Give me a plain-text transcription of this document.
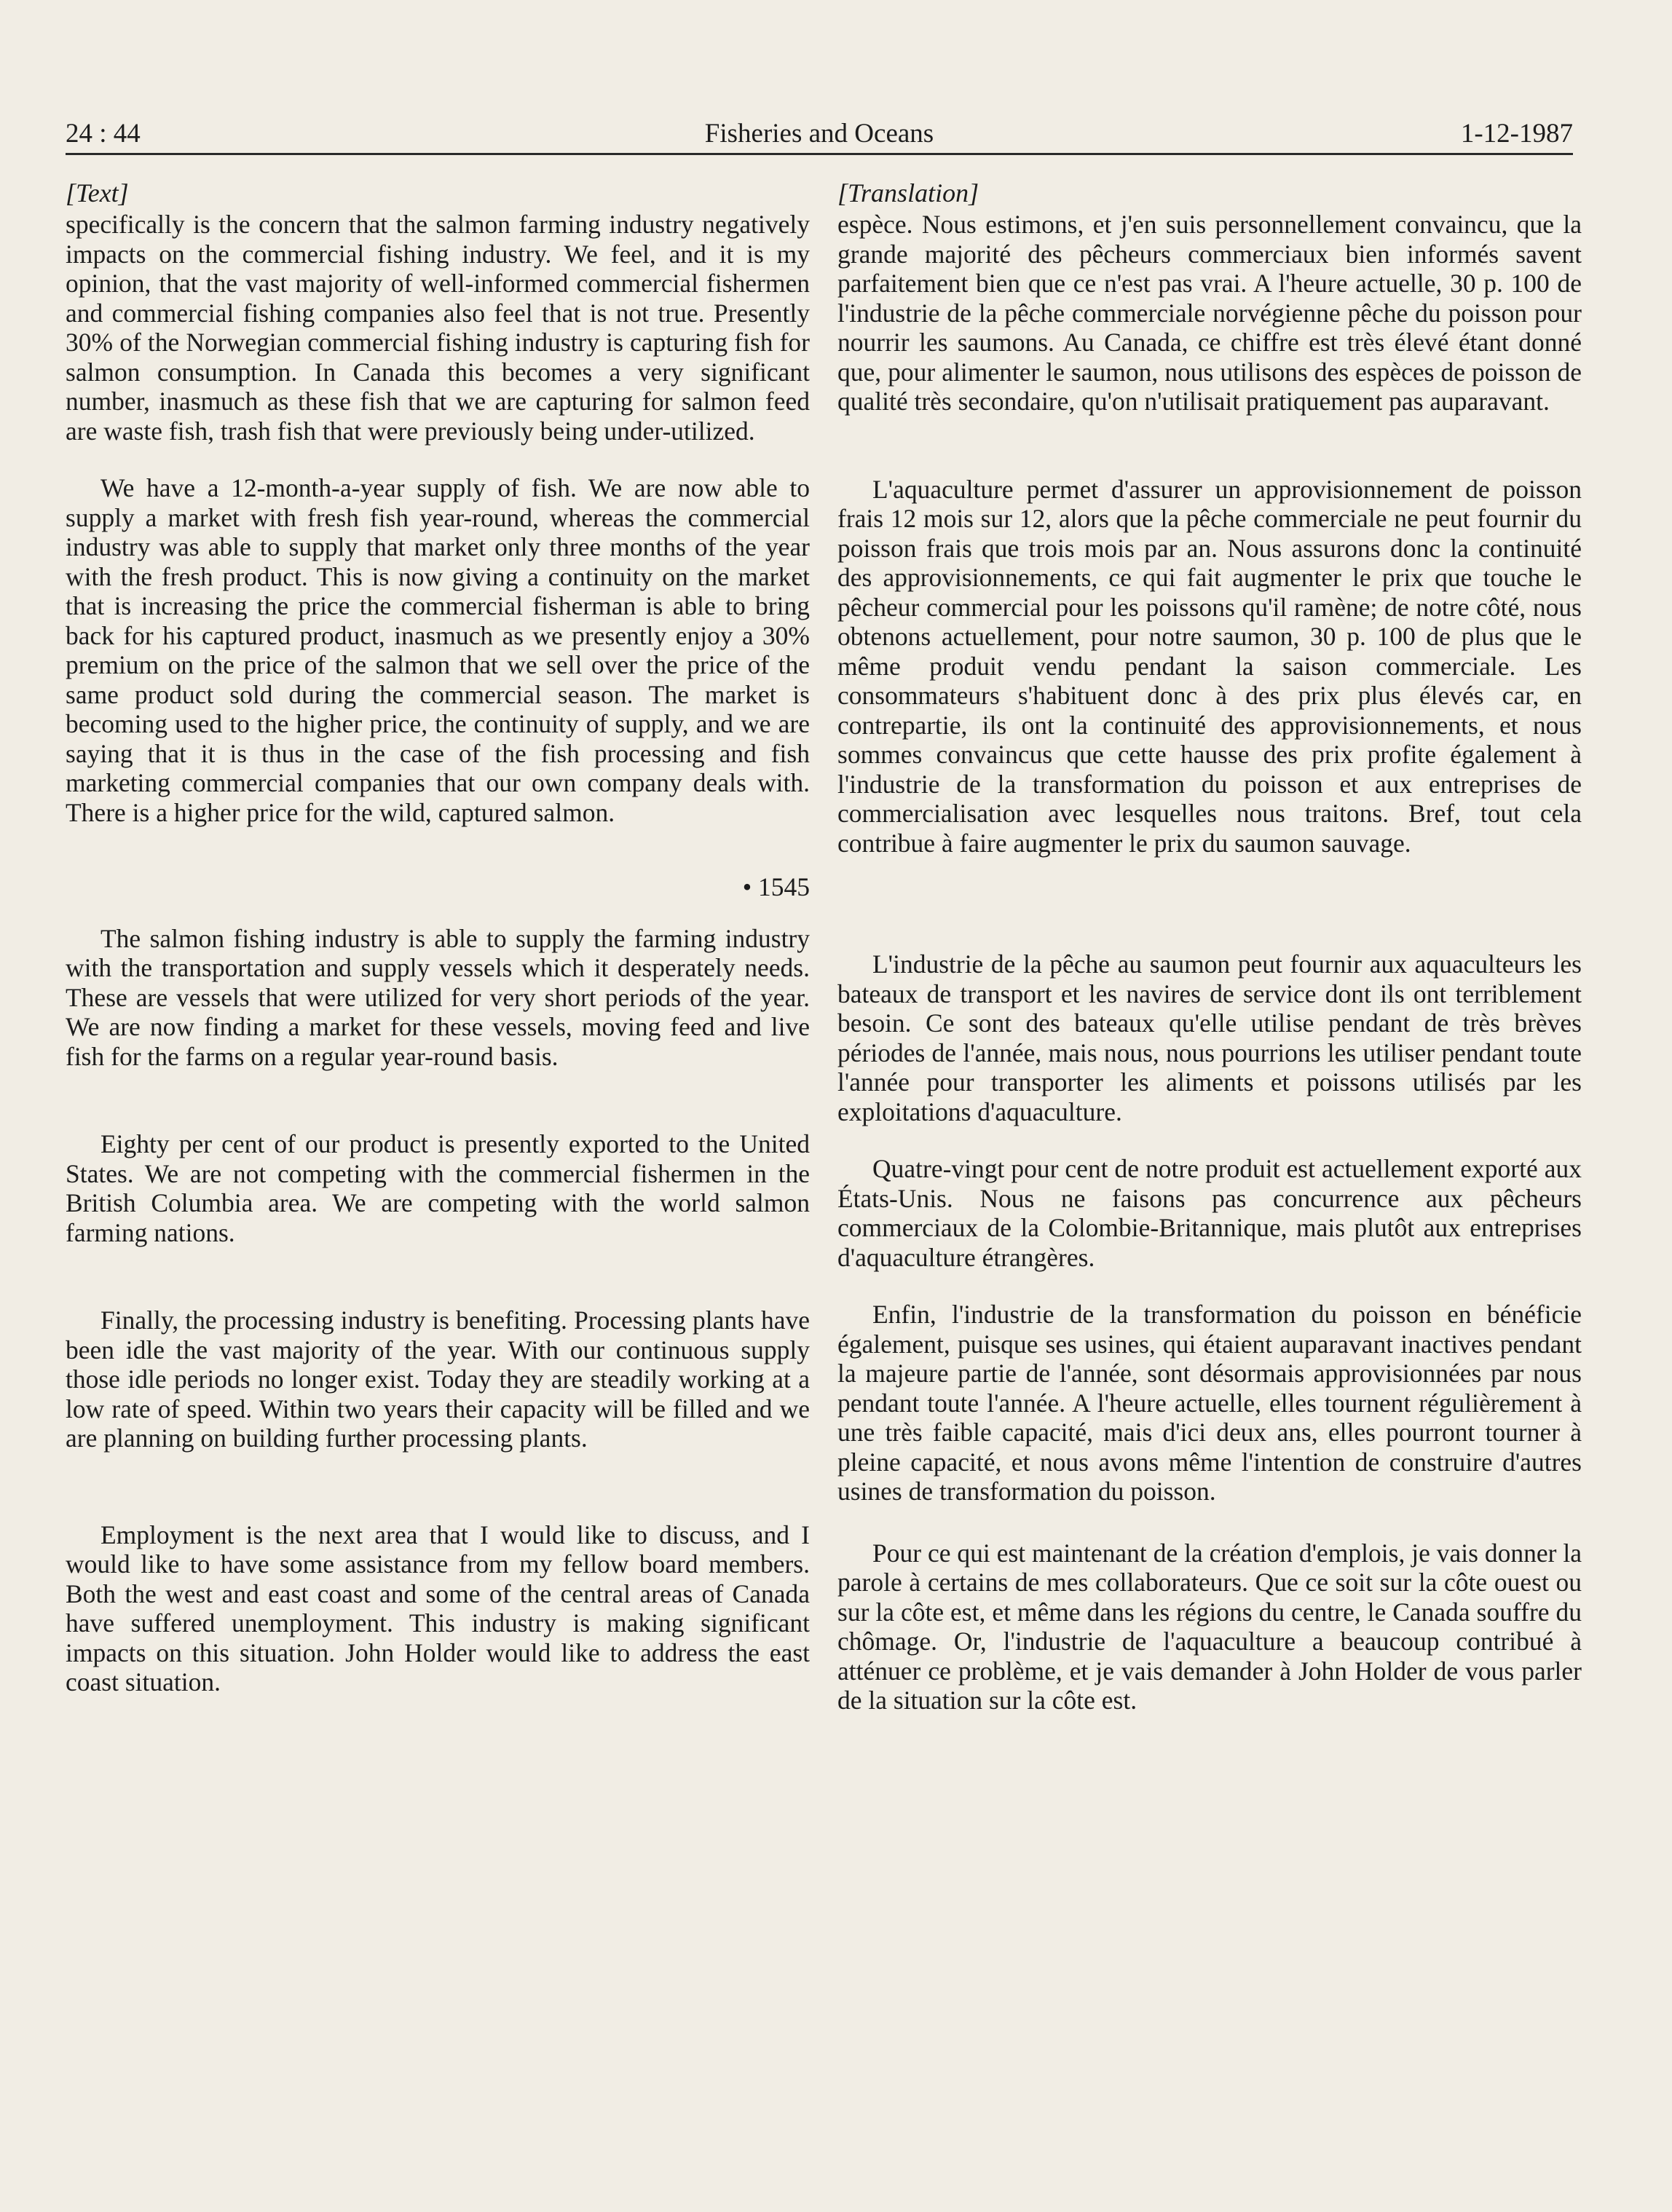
24 : 44	Fisheries and Oceans	1-12-1987
[Text]

specifically is the concern that the salmon farming industry negatively impacts on the commercial fishing industry. We feel, and it is my opinion, that the vast majority of well-informed commercial fishermen and commercial fishing companies also feel that is not true. Presently 30% of the Norwegian commercial fishing industry is capturing fish for salmon consumption. In Canada this becomes a very significant number, inasmuch as these fish that we are capturing for salmon feed are waste fish, trash fish that were previously being under-utilized.

We have a 12-month-a-year supply of fish. We are now able to supply a market with fresh fish year-round, whereas the commercial industry was able to supply that market only three months of the year with the fresh product. This is now giving a continuity on the market that is increasing the price the commercial fisherman is able to bring back for his captured product, inasmuch as we presently enjoy a 30% premium on the price of the salmon that we sell over the price of the same product sold during the commercial season. The market is becoming used to the higher price, the continuity of supply, and we are saying that it is thus in the case of the fish processing and fish marketing commercial companies that our own company deals with. There is a higher price for the wild, captured salmon.

• 1545

The salmon fishing industry is able to supply the farming industry with the transportation and supply vessels which it desperately needs. These are vessels that were utilized for very short periods of the year. We are now finding a market for these vessels, moving feed and live fish for the farms on a regular year-round basis.

Eighty per cent of our product is presently exported to the United States. We are not competing with the commercial fishermen in the British Columbia area. We are competing with the world salmon farming nations.

Finally, the processing industry is benefiting. Processing plants have been idle the vast majority of the year. With our continuous supply those idle periods no longer exist. Today they are steadily working at a low rate of speed. Within two years their capacity will be filled and we are planning on building further processing plants.

Employment is the next area that I would like to discuss, and I would like to have some assistance from my fellow board members. Both the west and east coast and some of the central areas of Canada have suffered unemployment. This industry is making significant impacts on this situation. John Holder would like to address the east coast situation.

[Translation]

espèce. Nous estimons, et j'en suis personnellement convaincu, que la grande majorité des pêcheurs commerciaux bien informés savent parfaitement bien que ce n'est pas vrai. A l'heure actuelle, 30 p. 100 de l'industrie de la pêche commerciale norvégienne pêche du poisson pour nourrir les saumons. Au Canada, ce chiffre est très élevé étant donné que, pour alimenter le saumon, nous utilisons des espèces de poisson de qualité très secondaire, qu'on n'utilisait pratiquement pas auparavant.

L'aquaculture permet d'assurer un approvisionnement de poisson frais 12 mois sur 12, alors que la pêche commerciale ne peut fournir du poisson frais que trois mois par an. Nous assurons donc la continuité des approvisionnements, ce qui fait augmenter le prix que touche le pêcheur commercial pour les poissons qu'il ramène; de notre côté, nous obtenons actuellement, pour notre saumon, 30 p. 100 de plus que le même produit vendu pendant la saison commerciale. Les consommateurs s'habituent donc à des prix plus élevés car, en contrepartie, ils ont la continuité des approvisionnements, et nous sommes convaincus que cette hausse des prix profite également à l'industrie de la transformation du poisson et aux entreprises de commercialisation avec lesquelles nous traitons. Bref, tout cela contribue à faire augmenter le prix du saumon sauvage.

L'industrie de la pêche au saumon peut fournir aux aquaculteurs les bateaux de transport et les navires de service dont ils ont terriblement besoin. Ce sont des bateaux qu'elle utilise pendant de très brèves périodes de l'année, mais nous, nous pourrions les utiliser pendant toute l'année pour transporter les aliments et poissons utilisés par les exploitations d'aquaculture.

Quatre-vingt pour cent de notre produit est actuellement exporté aux États-Unis. Nous ne faisons pas concurrence aux pêcheurs commerciaux de la Colombie-Britannique, mais plutôt aux entreprises d'aquaculture étrangères.

Enfin, l'industrie de la transformation du poisson en bénéficie également, puisque ses usines, qui étaient auparavant inactives pendant la majeure partie de l'année, sont désormais approvisionnées par nous pendant toute l'année. A l'heure actuelle, elles tournent régulièrement à une très faible capacité, mais d'ici deux ans, elles pourront tourner à pleine capacité, et nous avons même l'intention de construire d'autres usines de transformation du poisson.

Pour ce qui est maintenant de la création d'emplois, je vais donner la parole à certains de mes collaborateurs. Que ce soit sur la côte ouest ou sur la côte est, et même dans les régions du centre, le Canada souffre du chômage. Or, l'industrie de l'aquaculture a beaucoup contribué à atténuer ce problème, et je vais demander à John Holder de vous parler de la situation sur la côte est.
